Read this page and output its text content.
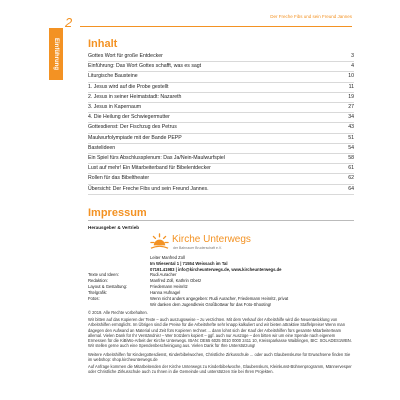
2	Der Freche Fibs und sein Freund Jannes
Einführung	Inhalt
Gottes Wort für große Entdecker	3
Einführung: Das Wort Gottes schafft, was es sagt	4
Liturgische Bausteine	10
1. Jesus wird auf die Probe gestellt	11
2. Jesus in seiner Heimatstadt: Nazareth	19
3. Jesus in Kapernaum	27
4. Die Heilung der Schwiegermutter	34
Gottesdienst: Der Fischzug des Petrus	43
Maulwurfolympiade mit der Bande PEPP	51
Bastelideen	54
Ein Spiel fürs Abschlussplenum: Das Ja/Nein-Maulwurfspiel	58
Lust auf mehr! Ein Mitarbeiterband für Bibelentdecker	61
Rollen für das Bibeltheater	62
Übersicht: Der Freche Fibs und sein Freund Jannes.	64
Impressum
Herausgeber & Vertrieb
Kirche Unterwegs
der Bahnauer Bruderschaft e.V.
Leiter Manfred Zoll
Im Wiesental 1 | 71554 Weissach im Tal
07191.41983 | info@kircheunterwegs.de, www.kircheunterwegs.de
Texte und Ideen:	Rudi Auracher
Redaktion:	Manfred Zoll, Kathrin Obetz
Layout & Gestaltung:	Friedemann Heinritz
Titelgrafik:	Hanna Hufnagel
Fotos:	Wenn nicht anders angegeben: Rudi Auracher, Friedemann Heinritz, privat
Wir danken dem Jugendkreis Großbottwar für das Foto-Shooting!
© 2019. Alle Rechte vorbehalten.
Wir bitten auf das Kopieren der Texte – auch auszugsweise – zu verzichten. Mit dem Verkauf der Arbeitshilfe wird die Neuentwicklung von Arbeitshilfen ermöglicht. Im Übrigen sind die Preise für die Arbeitshefte sehr knapp kalkuliert und wir bieten attraktive Staffelpreise! Wenn man dagegen den Aufwand an Material und Zeit fürs Kopieren rechnet ... dann lohnt sich der Kauf der Arbeitshilfen fürs gesamte Mitarbeiterteam allemal. Vielen Dank für Ihr Verständnis! – Wer trotzdem kopiert – ggf. auch nur Auszüge – den bitten wir um eine Spende nach eigenem Ermessen für die KiBiWo-Arbeit der Kirche Unterwegs. IBAN: DE65 6025 0010 0000 2411 10, Kreissparkasse Waiblingen, BIC: SOLADES1WBN. Wir stellen gerne auch eine Spendenbescheinigung aus. Vielen Dank für Ihre Unterstützung!
Weitere Arbeitshilfen für Kindergottesdienst, Kinderbibelwochen, Christliche Zirkusschule ... oder auch Glaubenskurse für Erwachsene finden Sie im webshop: shop.kircheunterwegs.de
Auf Anfrage kommen die Mitarbeitenden der Kirche Unterwegs zu Kinderbibelwoche, Glaubenskurs, Kleinkunst-Bühnenprogramm, Männervesper oder Christliche Zirkusschule auch zu Ihnen in die Gemeinde und unterstützen Sie bei Ihren Projekten.
